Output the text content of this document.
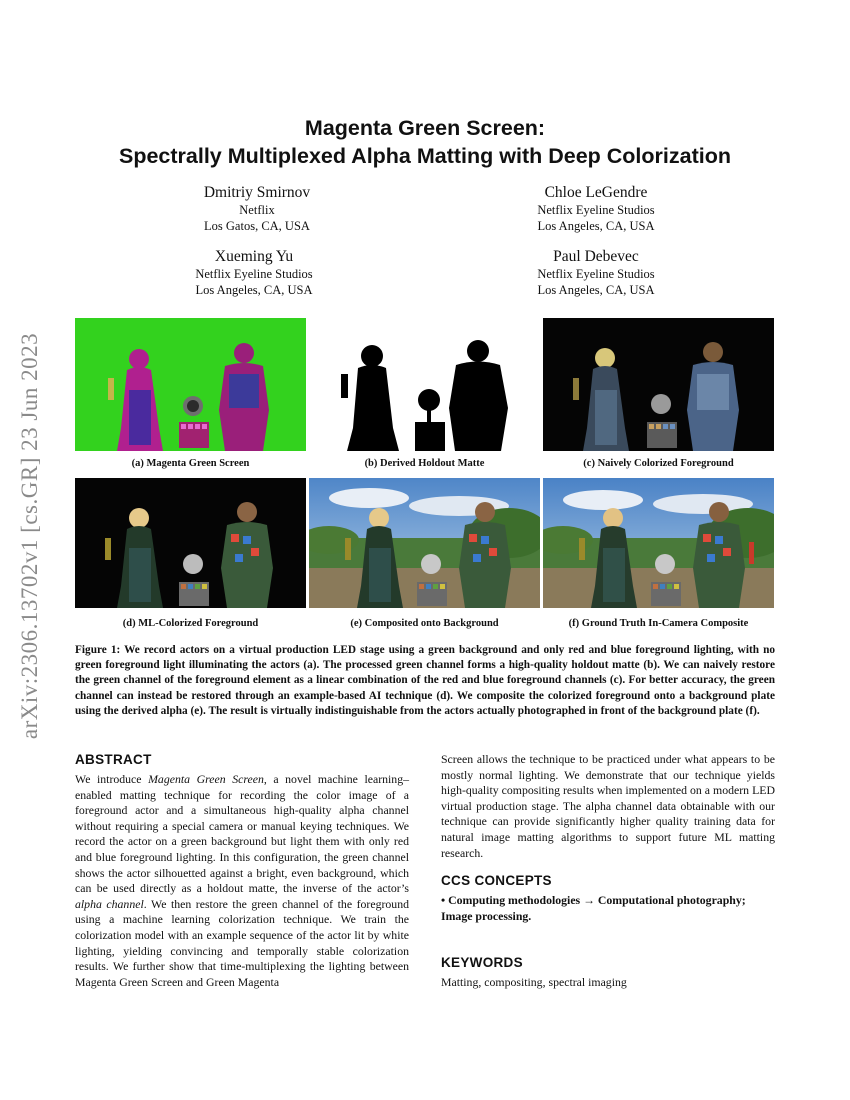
arXiv:2306.13702v1 [cs.GR] 23 Jun 2023
Magenta Green Screen:
Spectrally Multiplexed Alpha Matting with Deep Colorization
Dmitriy Smirnov
Netflix
Los Gatos, CA, USA
Chloe LeGendre
Netflix Eyeline Studios
Los Angeles, CA, USA
Xueming Yu
Netflix Eyeline Studios
Los Angeles, CA, USA
Paul Debevec
Netflix Eyeline Studios
Los Angeles, CA, USA
(a) Magenta Green Screen	(b) Derived Holdout Matte	(c) Naively Colorized Foreground
(d) ML-Colorized Foreground	(e) Composited onto Background	(f) Ground Truth In-Camera Composite
Figure 1: We record actors on a virtual production LED stage using a green background and only red and blue foreground lighting, with no green foreground light illuminating the actors (a). The processed green channel forms a high-quality holdout matte (b). We can naively restore the green channel of the foreground element as a linear combination of the red and blue foreground channels (c). For better accuracy, the green channel can instead be restored through an example-based AI technique (d). We composite the colorized foreground onto a background plate using the derived alpha (e). The result is virtually indistinguishable from the actors actually photographed in front of the background plate (f).
ABSTRACT
We introduce Magenta Green Screen, a novel machine learning–enabled matting technique for recording the color image of a foreground actor and a simultaneous high-quality alpha channel without requiring a special camera or manual keying techniques. We record the actor on a green background but light them with only red and blue foreground lighting. In this configuration, the green channel shows the actor silhouetted against a bright, even background, which can be used directly as a holdout matte, the inverse of the actor’s alpha channel. We then restore the green channel of the foreground using a machine learning colorization technique. We train the colorization model with an example sequence of the actor lit by white lighting, yielding convincing and temporally stable colorization results. We further show that time-multiplexing the lighting between Magenta Green Screen and Green Magenta
Screen allows the technique to be practiced under what appears to be mostly normal lighting. We demonstrate that our technique yields high-quality compositing results when implemented on a modern LED virtual production stage. The alpha channel data obtainable with our technique can provide significantly higher quality training data for natural image matting algorithms to support future ML matting research.
CCS CONCEPTS
• Computing methodologies → Computational photography; Image processing.
KEYWORDS
Matting, compositing, spectral imaging
